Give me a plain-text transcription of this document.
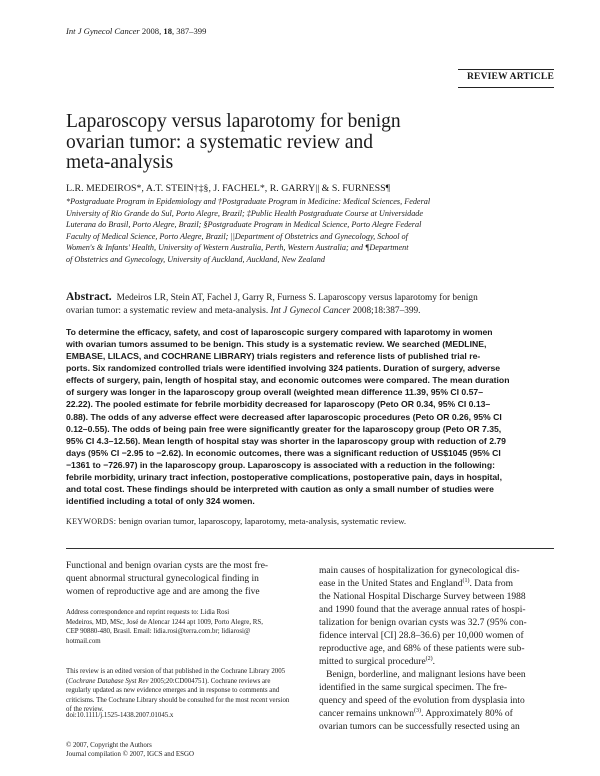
Int J Gynecol Cancer 2008, 18, 387–399
REVIEW ARTICLE
Laparoscopy versus laparotomy for benign
ovarian tumor: a systematic review and
meta-analysis
L.R. MEDEIROS*, A.T. STEIN†‡§, J. FACHEL*, R. GARRY|| & S. FURNESS¶
*Postgraduate Program in Epidemiology and †Postgraduate Program in Medicine: Medical Sciences, Federal
University of Rio Grande do Sul, Porto Alegre, Brazil; ‡Public Health Postgraduate Course at Universidade
Luterana do Brasil, Porto Alegre, Brazil; §Postgraduate Program in Medical Science, Porto Alegre Federal
Faculty of Medical Science, Porto Alegre, Brazil; ||Department of Obstetrics and Gynecology, School of
Women's & Infants' Health, University of Western Australia, Perth, Western Australia; and ¶Department
of Obstetrics and Gynecology, University of Auckland, Auckland, New Zealand
Abstract. Medeiros LR, Stein AT, Fachel J, Garry R, Furness S. Laparoscopy versus laparotomy for benign
ovarian tumor: a systematic review and meta-analysis. Int J Gynecol Cancer 2008;18:387–399.
To determine the efficacy, safety, and cost of laparoscopic surgery compared with laparotomy in women
with ovarian tumors assumed to be benign. This study is a systematic review. We searched (MEDLINE,
EMBASE, LILACS, and COCHRANE LIBRARY) trials registers and reference lists of published trial re-
ports. Six randomized controlled trials were identified involving 324 patients. Duration of surgery, adverse
effects of surgery, pain, length of hospital stay, and economic outcomes were compared. The mean duration
of surgery was longer in the laparoscopy group overall (weighted mean difference 11.39, 95% CI 0.57–
22.22). The pooled estimate for febrile morbidity decreased for laparoscopy (Peto OR 0.34, 95% CI 0.13–
0.88). The odds of any adverse effect were decreased after laparoscopic procedures (Peto OR 0.26, 95% CI
0.12–0.55). The odds of being pain free were significantly greater for the laparoscopy group (Peto OR 7.35,
95% CI 4.3–12.56). Mean length of hospital stay was shorter in the laparoscopy group with reduction of 2.79
days (95% CI −2.95 to −2.62). In economic outcomes, there was a significant reduction of US$1045 (95% CI
−1361 to −726.97) in the laparoscopy group. Laparoscopy is associated with a reduction in the following:
febrile morbidity, urinary tract infection, postoperative complications, postoperative pain, days in hospital,
and total cost. These findings should be interpreted with caution as only a small number of studies were
identified including a total of only 324 women.
KEYWORDS: benign ovarian tumor, laparoscopy, laparotomy, meta-analysis, systematic review.
Functional and benign ovarian cysts are the most fre-
quent abnormal structural gynecological finding in
women of reproductive age and are among the five
Address correspondence and reprint requests to: Lidia Rosi
Medeiros, MD, MSc, José de Alencar 1244 apt 1009, Porto Alegre, RS,
CEP 90880-480, Brasil. Email: lidia.rosi@terra.com.br; lidiarosi@
hotmail.com
This review is an edited version of that published in the Cochrane Library 2005 (Cochrane Database Syst Rev 2005;20:CD004751). Cochrane reviews are regularly updated as new evidence emerges and in response to comments and criticisms. The Cochrane Library should be consulted for the most recent version of the review.
doi:10.1111/j.1525-1438.2007.01045.x
© 2007, Copyright the Authors
Journal compilation © 2007, IGCS and ESGO
main causes of hospitalization for gynecological dis-
ease in the United States and England$^{(1)}$. Data from
the National Hospital Discharge Survey between 1988
and 1990 found that the average annual rates of hospi-
talization for benign ovarian cysts was 32.7 (95% con-
fidence interval [CI] 28.8–36.6) per 10,000 women of
reproductive age, and 68% of these patients were sub-
mitted to surgical procedure$^{(2)}$.
Benign, borderline, and malignant lesions have been
identified in the same surgical specimen. The fre-
quency and speed of the evolution from dysplasia into
cancer remains unknown$^{(3)}$. Approximately 80% of
ovarian tumors can be successfully resected using an
